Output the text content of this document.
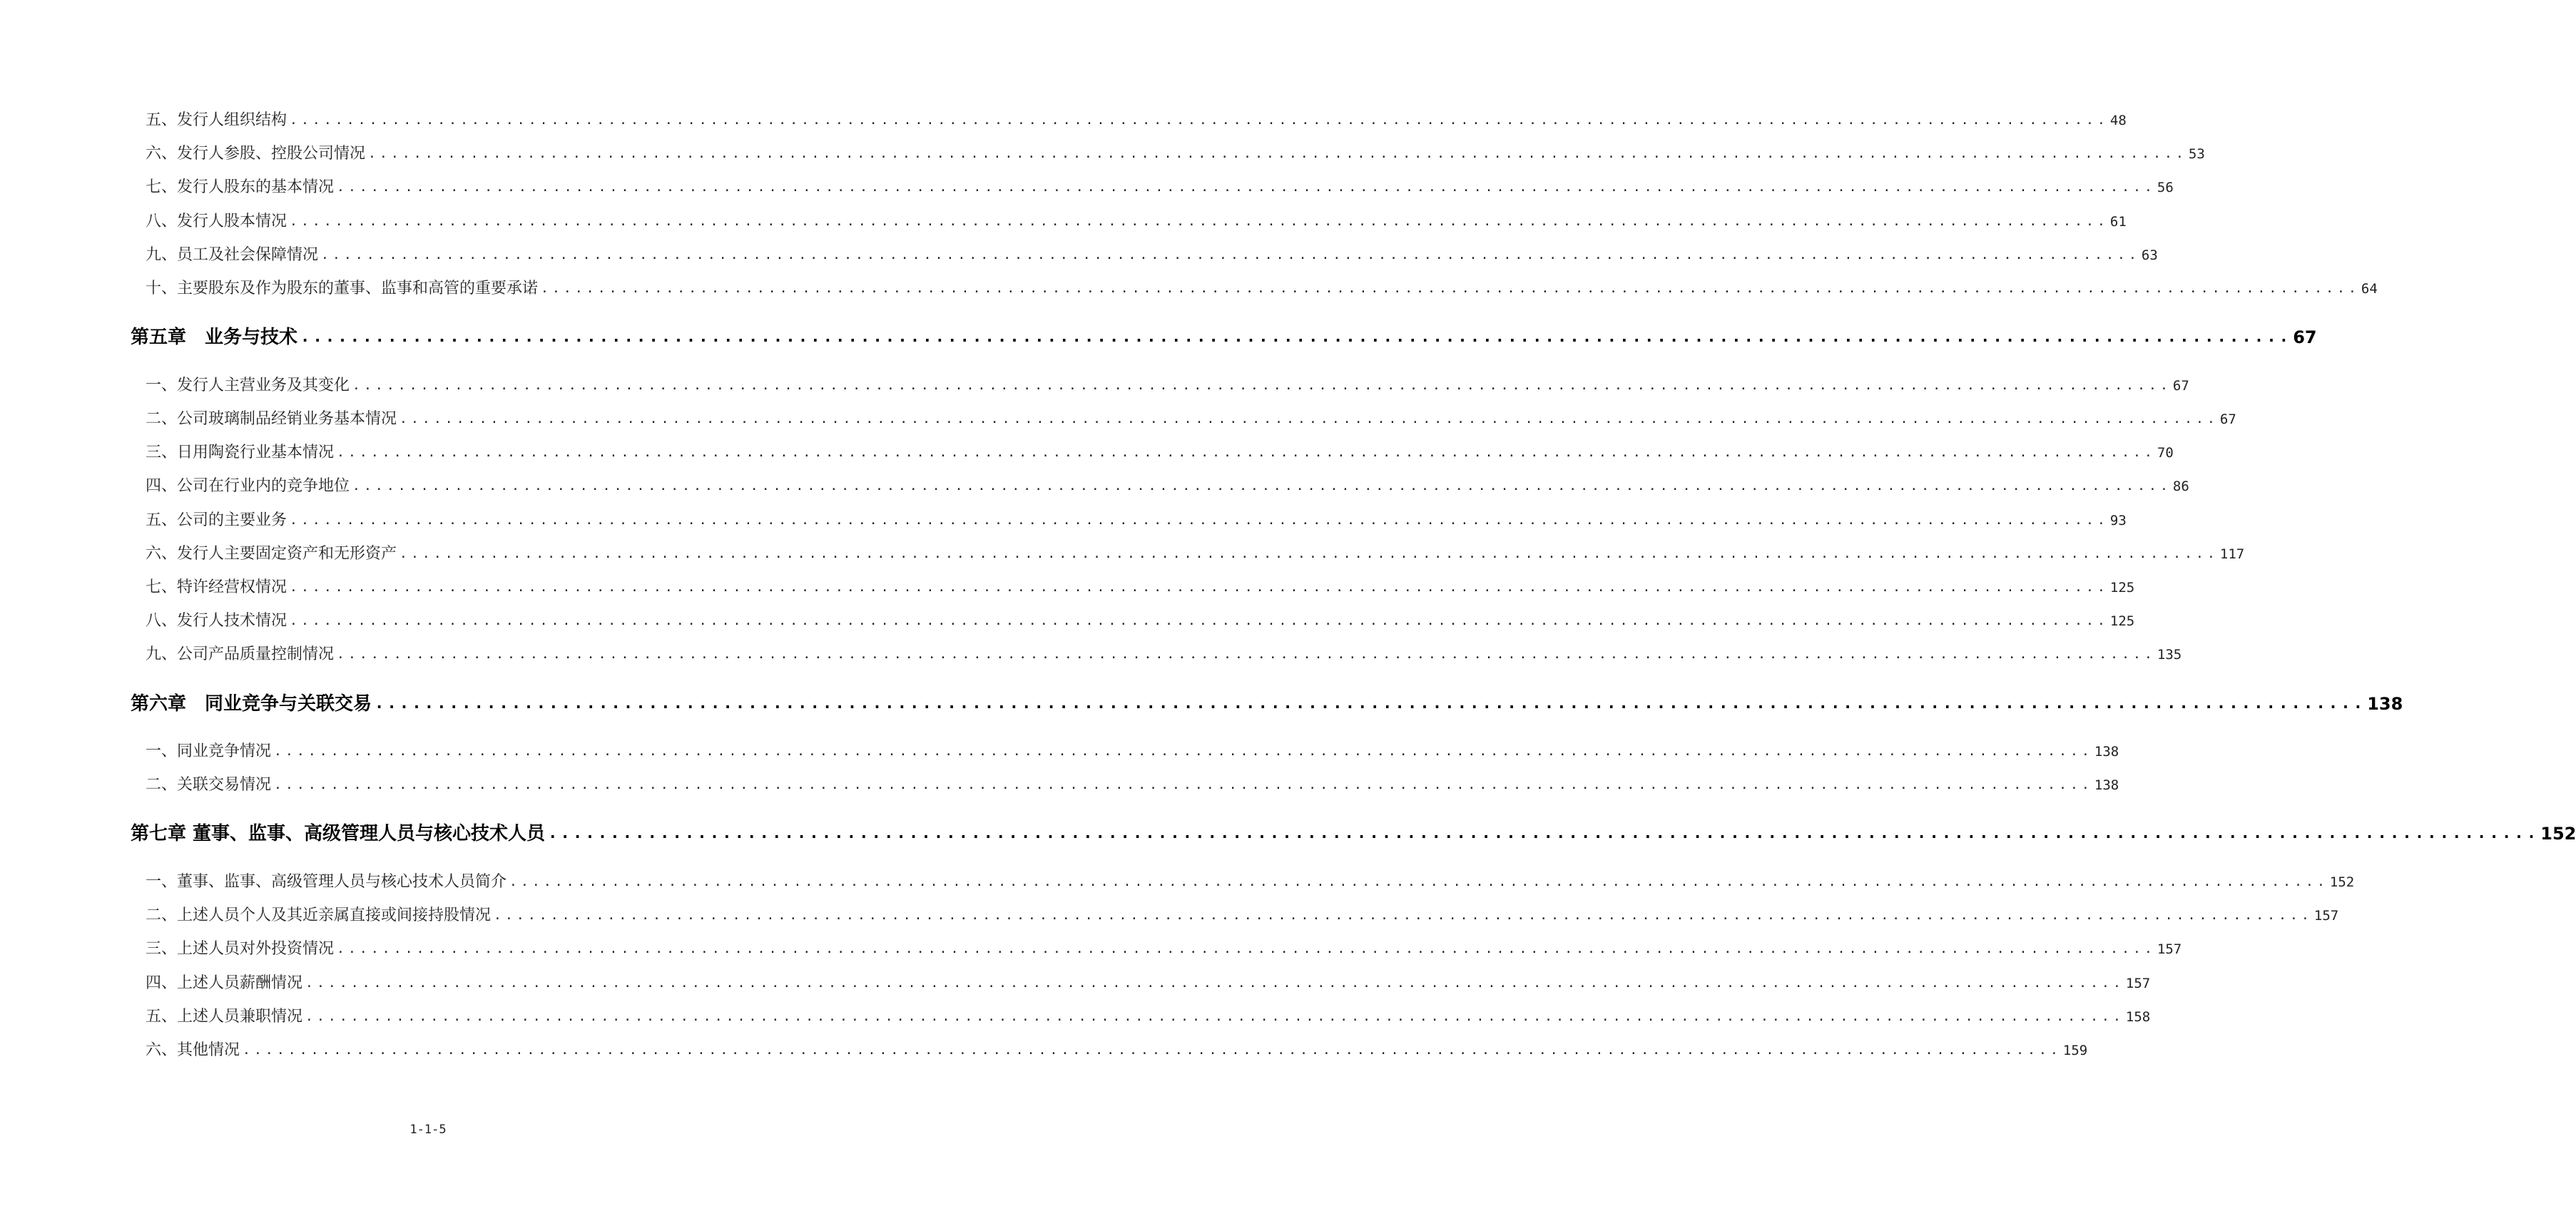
五、发行人组织结构 ................................................................................................................................................................ 48
六、发行人参股、控股公司情况 ................................................................................................................................................................ 53
七、发行人股东的基本情况 ................................................................................................................................................................ 56
八、发行人股本情况 ................................................................................................................................................................ 61
九、员工及社会保障情况 ................................................................................................................................................................ 63
十、主要股东及作为股东的董事、监事和高管的重要承诺 ................................................................................................................................................................ 64
第五章　业务与技术 ................................................................................................................................................................ 67
一、发行人主营业务及其变化 ................................................................................................................................................................ 67
二、公司玻璃制品经销业务基本情况 ................................................................................................................................................................ 67
三、日用陶瓷行业基本情况 ................................................................................................................................................................ 70
四、公司在行业内的竞争地位 ................................................................................................................................................................ 86
五、公司的主要业务 ................................................................................................................................................................ 93
六、发行人主要固定资产和无形资产 ................................................................................................................................................................ 117
七、特许经营权情况 ................................................................................................................................................................ 125
八、发行人技术情况 ................................................................................................................................................................ 125
九、公司产品质量控制情况 ................................................................................................................................................................ 135
第六章　同业竞争与关联交易 ................................................................................................................................................................ 138
一、同业竞争情况 ................................................................................................................................................................ 138
二、关联交易情况 ................................................................................................................................................................ 138
第七章 董事、监事、高级管理人员与核心技术人员 ................................................................................................................................................................ 152
一、董事、监事、高级管理人员与核心技术人员简介 ................................................................................................................................................................ 152
二、上述人员个人及其近亲属直接或间接持股情况 ................................................................................................................................................................ 157
三、上述人员对外投资情况 ................................................................................................................................................................ 157
四、上述人员薪酬情况 ................................................................................................................................................................ 157
五、上述人员兼职情况 ................................................................................................................................................................ 158
六、其他情况 ................................................................................................................................................................ 159
1-1-5
